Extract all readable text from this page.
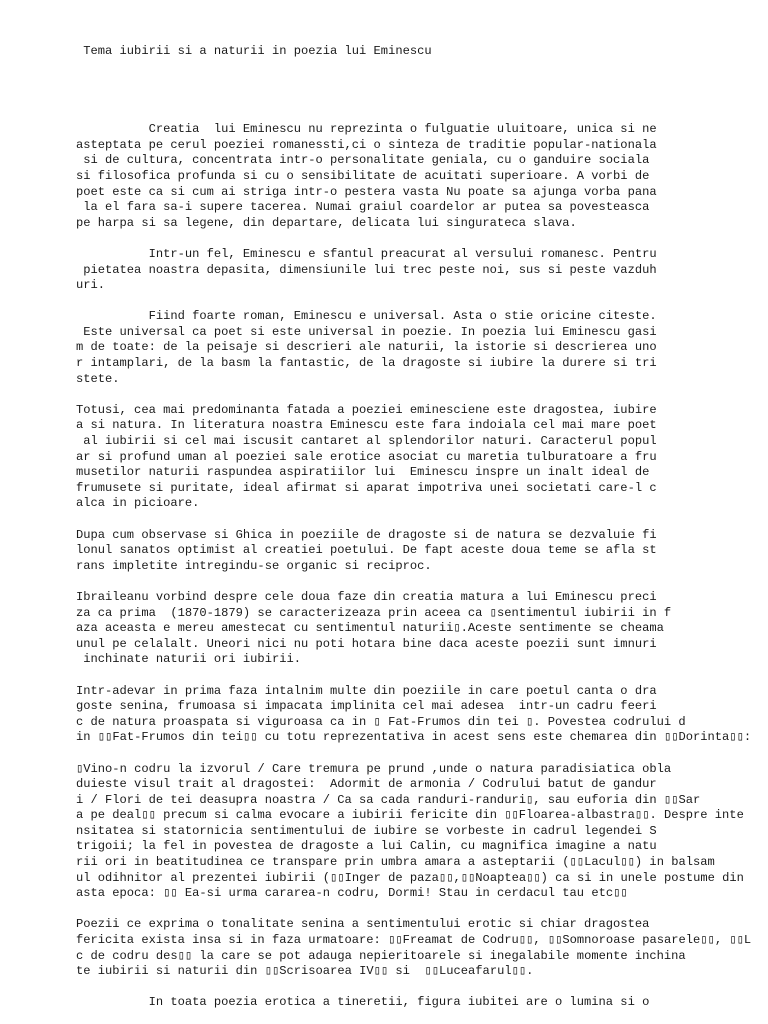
Tema iubirii si a naturii in poezia lui Eminescu

Creatia  lui Eminescu nu reprezinta o fulguatie uluitoare, unica si ne
asteptata pe cerul poeziei romanessti,ci o sinteza de traditie popular-nationala
si de cultura, concentrata intr-o personalitate geniala, cu o ganduire sociala
si filosofica profunda si cu o sensibilitate de acuitati superioare. A vorbi de
poet este ca si cum ai striga intr-o pestera vasta Nu poate sa ajunga vorba pana
la el fara sa-i supere tacerea. Numai graiul coardelor ar putea sa povesteasca
pe harpa si sa legene, din departare, delicata lui singurateca slava.
Intr-un fel, Eminescu e sfantul preacurat al versului romanesc. Pentru
pietatea noastra depasita, dimensiunile lui trec peste noi, sus si peste vazduh
uri.
Fiind foarte roman, Eminescu e universal. Asta o stie oricine citeste.
Este universal ca poet si este universal in poezie. In poezia lui Eminescu gasi
m de toate: de la peisaje si descrieri ale naturii, la istorie si descrierea uno
r intamplari, de la basm la fantastic, de la dragoste si iubire la durere si tri
stete.
Totusi, cea mai predominanta fatada a poeziei eminesciene este dragostea, iubire
a si natura. In literatura noastra Eminescu este fara indoiala cel mai mare poet
al iubirii si cel mai iscusit cantaret al splendorilor naturi. Caracterul popul
ar si profund uman al poeziei sale erotice asociat cu maretia tulburatoare a fru
musetilor naturii raspundea aspiratiilor lui  Eminescu inspre un inalt ideal de
frumusete si puritate, ideal afirmat si aparat impotriva unei societati care-l c
alca in picioare.
Dupa cum observase si Ghica in poeziile de dragoste si de natura se dezvaluie fi
lonul sanatos optimist al creatiei poetului. De fapt aceste doua teme se afla st
rans impletite intregindu-se organic si reciproc.
Ibraileanu vorbind despre cele doua faze din creatia matura a lui Eminescu preci
za ca prima  (1870-1879) se caracterizeaza prin aceea ca ▯sentimentul iubirii in f
aza aceasta e mereu amestecat cu sentimentul naturii▯.Aceste sentimente se cheama
unul pe celalalt. Uneori nici nu poti hotara bine daca aceste poezii sunt imnuri
inchinate naturii ori iubirii.
Intr-adevar in prima faza intalnim multe din poeziile in care poetul canta o dra
goste senina, frumoasa si impacata implinita cel mai adesea  intr-un cadru feeri
c de natura proaspata si viguroasa ca in ▯ Fat-Frumos din tei ▯. Povestea codrului d
in ▯▯Fat-Frumos din tei▯▯ cu totu reprezentativa in acest sens este chemarea din ▯▯Dorinta▯▯:
▯Vino-n codru la izvorul / Care tremura pe prund ,unde o natura paradisiatica obla
duieste visul trait al dragostei:  Adormit de armonia / Codrului batut de gandur
i / Flori de tei deasupra noastra / Ca sa cada randuri-randuri▯, sau euforia din ▯▯Sar
a pe deal▯▯ precum si calma evocare a iubirii fericite din ▯▯Floarea-albastra▯▯. Despre inte
nsitatea si statornicia sentimentului de iubire se vorbeste in cadrul legendei S
trigoii; la fel in povestea de dragoste a lui Calin, cu magnifica imagine a natu
rii ori in beatitudinea ce transpare prin umbra amara a asteptarii (▯▯Lacul▯▯) in balsam
ul odihnitor al prezentei iubirii (▯▯Inger de paza▯▯,▯▯Noaptea▯▯) ca si in unele postume din
asta epoca: ▯▯ Ea-si urma cararea-n codru, Dormi! Stau in cerdacul tau etc▯▯
Poezii ce exprima o tonalitate senina a sentimentului erotic si chiar dragostea
fericita exista insa si in faza urmatoare: ▯▯Freamat de Codru▯▯, ▯▯Somnoroase pasarele▯▯, ▯▯L
c de codru des▯▯ la care se pot adauga nepieritoarele si inegalabile momente inchina
te iubirii si naturii din ▯▯Scrisoarea IV▯▯ si  ▯▯Luceafarul▯▯.
In toata poezia erotica a tineretii, figura iubitei are o lumina si o
